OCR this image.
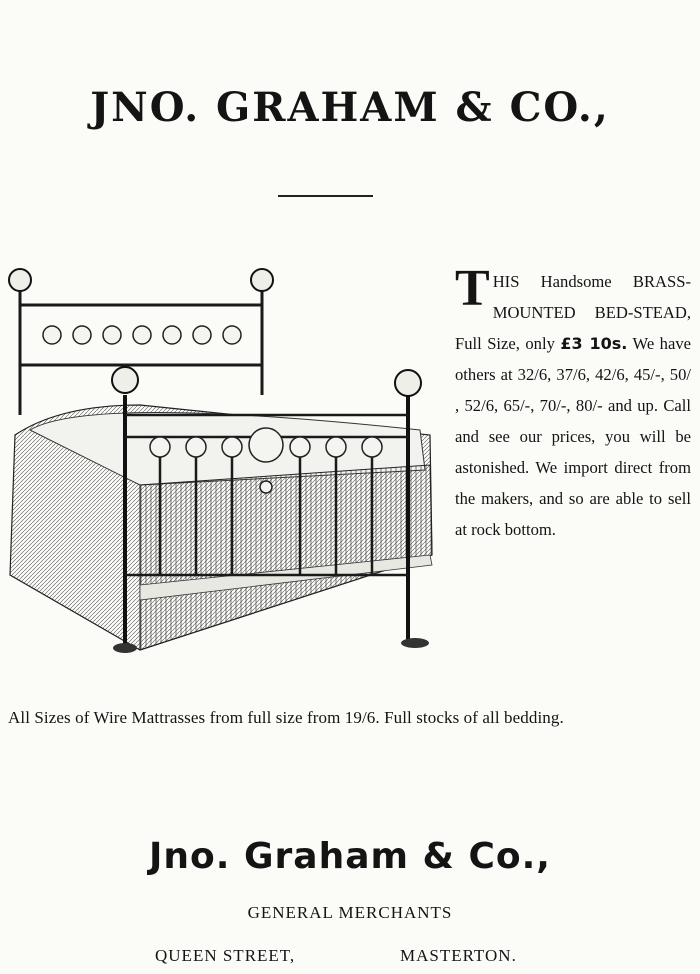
JNO. GRAHAM & CO.,

THIS Handsome BRASS-MOUNTED BED-STEAD, Full Size, only £3 10s. We have others at 32/6, 37/6, 42/6, 45/-, 50/ , 52/6, 65/-, 70/-, 80/- and up. Call and see our prices, you will be astonished. We import direct from the makers, and so are able to sell at rock bottom.

All Sizes of Wire Mattrasses from full size from 19/6. Full stocks of all bedding.
Jno. Graham & Co.,
GENERAL MERCHANTS
QUEEN STREET,	MASTERTON.
